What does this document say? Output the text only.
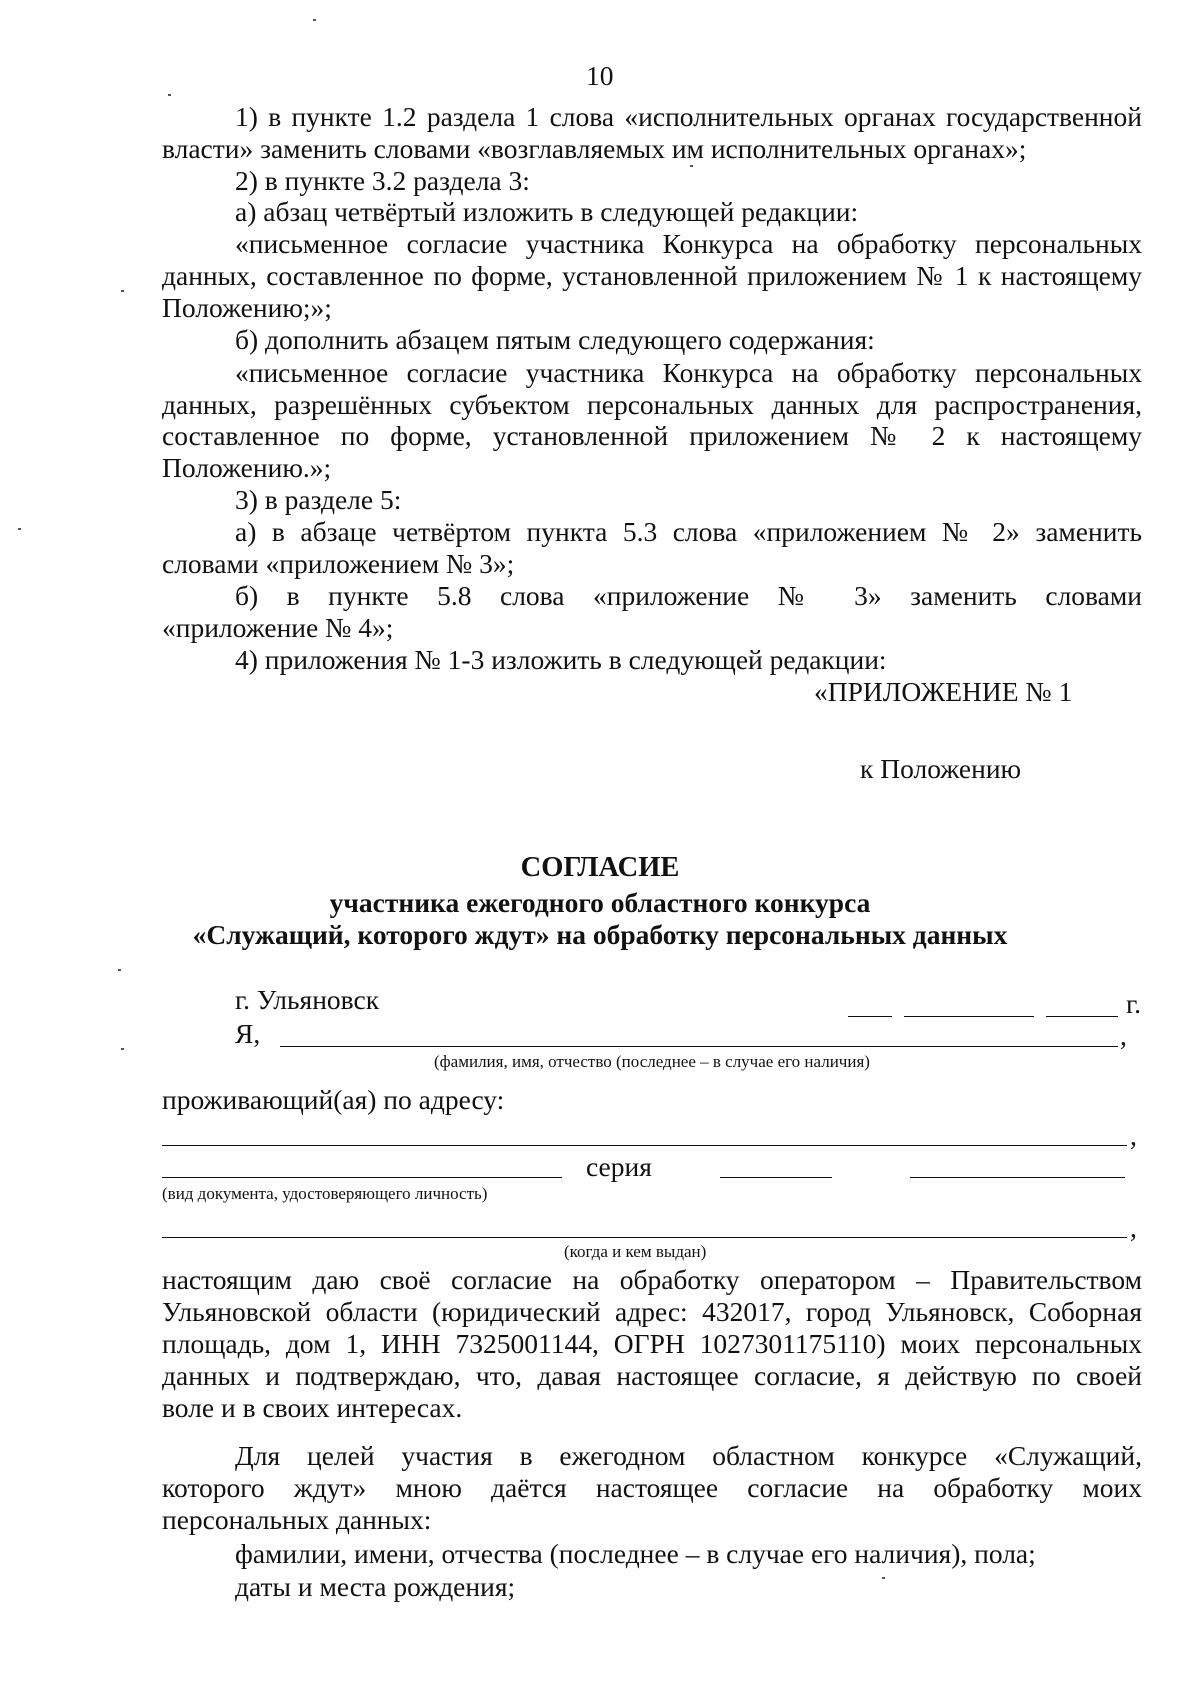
10
1) в пункте 1.2 раздела 1 слова «исполнительных органах государственной
власти» заменить словами «возглавляемых им исполнительных органах»;
2) в пункте 3.2 раздела 3:
а) абзац четвёртый изложить в следующей редакции:
«письменное согласие участника Конкурса на обработку персональных
данных, составленное по форме, установленной приложением № 1 к настоящему
Положению;»;
б) дополнить абзацем пятым следующего содержания:
«письменное согласие участника Конкурса на обработку персональных
данных, разрешённых субъектом персональных данных для распространения,
составленное по форме, установленной приложением № 2 к настоящему
Положению.»;
3) в разделе 5:
а) в абзаце четвёртом пункта 5.3 слова «приложением № 2» заменить
словами «приложением № 3»;
б) в пункте 5.8 слова «приложение № 3» заменить словами
«приложение № 4»;
4) приложения № 1-3 изложить в следующей редакции:
«ПРИЛОЖЕНИЕ № 1
к Положению
СОГЛАСИЕ
участника ежегодного областного конкурса
«Служащий, которого ждут» на обработку персональных данных
г. Ульяновск	г.
Я,	,
(фамилия, имя, отчество (последнее – в случае его наличия)
проживающий(ая) по адресу:
,
серия
(вид документа, удостоверяющего личность)
,
(когда и кем выдан)
настоящим даю своё согласие на обработку оператором – Правительством
Ульяновской области (юридический адрес: 432017, город Ульяновск, Соборная
площадь, дом 1, ИНН 7325001144, ОГРН 1027301175110) моих персональных
данных и подтверждаю, что, давая настоящее согласие, я действую по своей
воле и в своих интересах.
Для целей участия в ежегодном областном конкурсе «Служащий,
которого ждут» мною даётся настоящее согласие на обработку моих
персональных данных:
фамилии, имени, отчества (последнее – в случае его наличия), пола;
даты и места рождения;
